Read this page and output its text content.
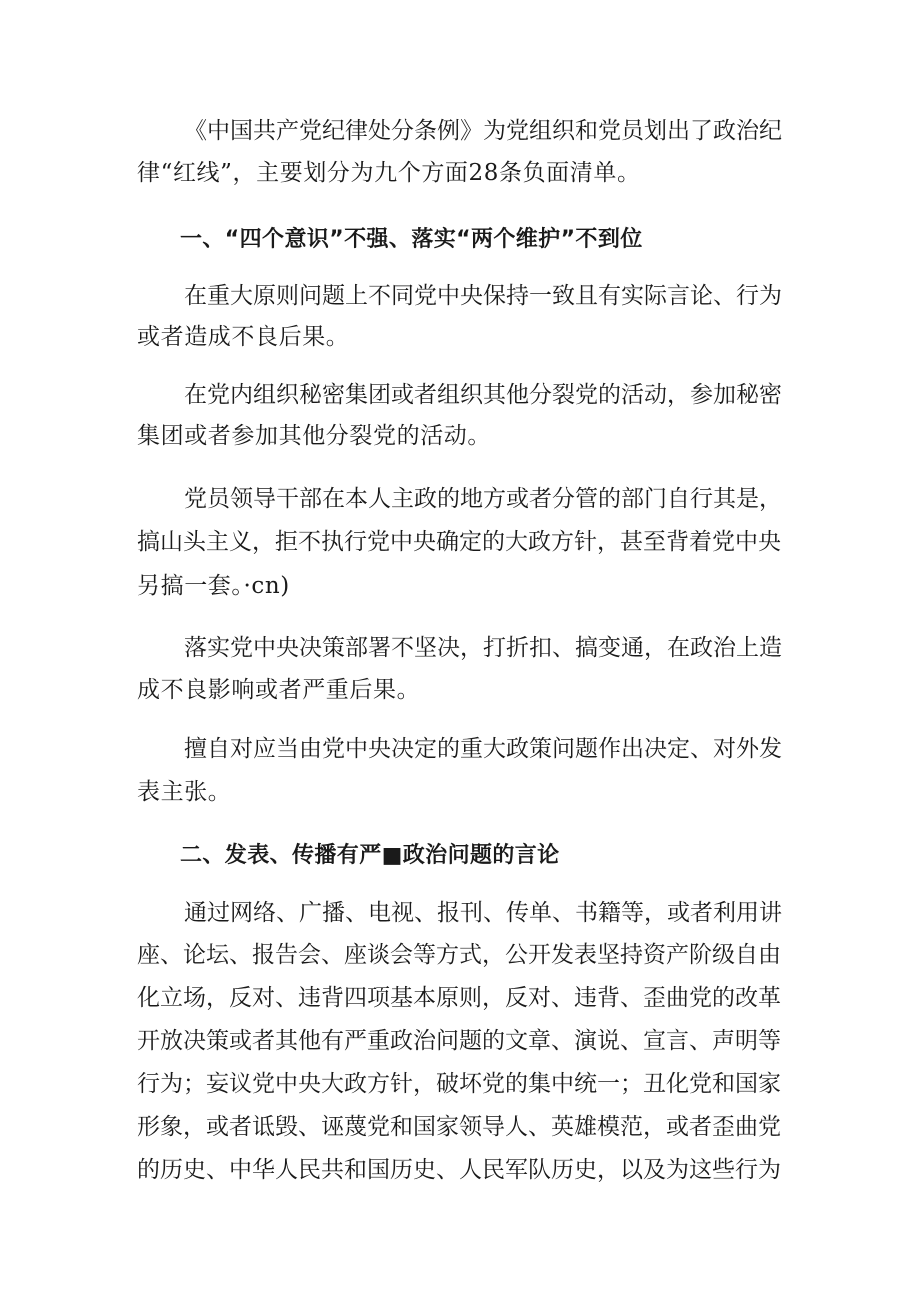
《中国共产党纪律处分条例》为党组织和党员划出了政治纪
律“红线”，主要划分为九个方面28条负面清单。
一、“四个意识”不强、落实“两个维护”不到位
在重大原则问题上不同党中央保持一致且有实际言论、行为
或者造成不良后果。
在党内组织秘密集团或者组织其他分裂党的活动，参加秘密
集团或者参加其他分裂党的活动。
党员领导干部在本人主政的地方或者分管的部门自行其是，
搞山头主义，拒不执行党中央确定的大政方针，甚至背着党中央
另搞一套。·cn)
落实党中央决策部署不坚决，打折扣、搞变通，在政治上造
成不良影响或者严重后果。
擅自对应当由党中央决定的重大政策问题作出决定、对外发
表主张。
二、发表、传播有严■政治问题的言论
通过网络、广播、电视、报刊、传单、书籍等，或者利用讲
座、论坛、报告会、座谈会等方式，公开发表坚持资产阶级自由
化立场，反对、违背四项基本原则，反对、违背、歪曲党的改革
开放决策或者其他有严重政治问题的文章、演说、宣言、声明等
行为；妄议党中央大政方针，破坏党的集中统一；丑化党和国家
形象，或者诋毁、诬蔑党和国家领导人、英雄模范，或者歪曲党
的历史、中华人民共和国历史、人民军队历史，以及为这些行为
